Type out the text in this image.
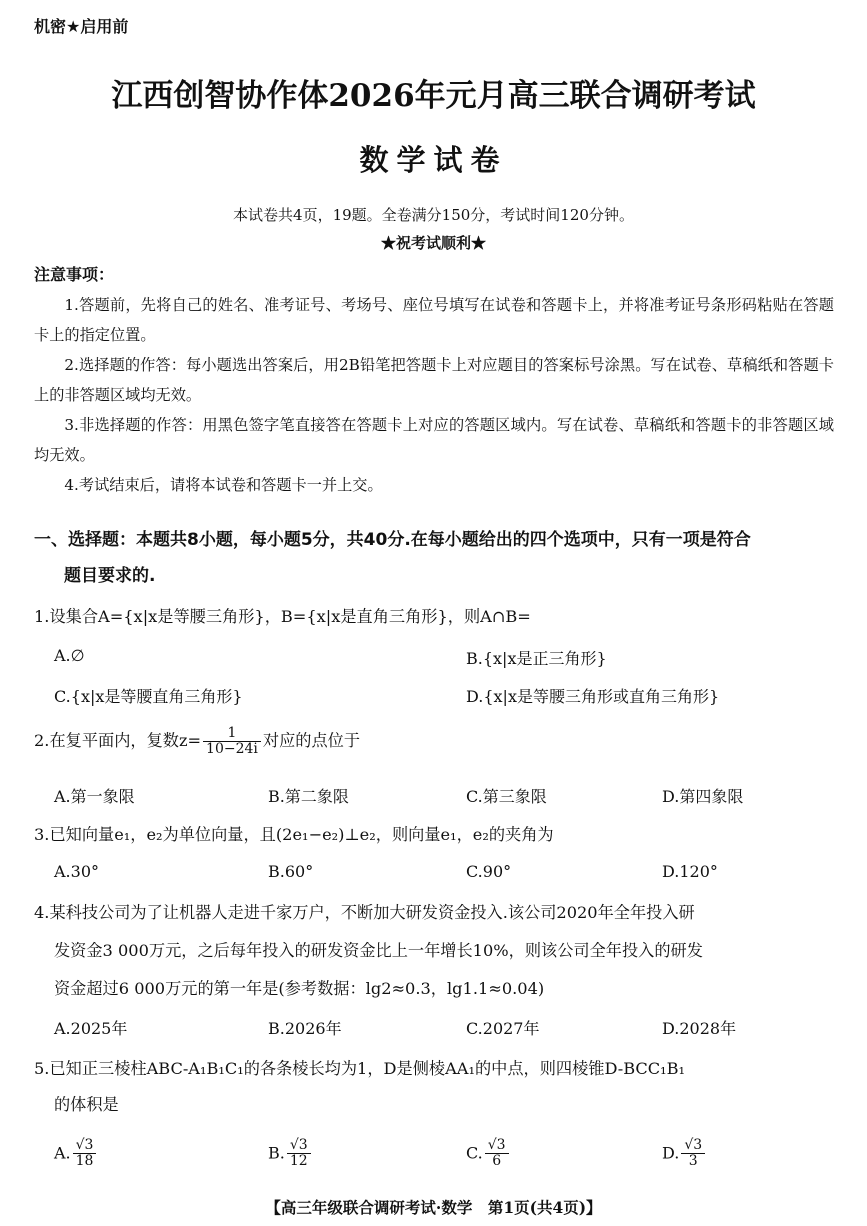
机密★启用前
江西创智协作体2026年元月高三联合调研考试
数学试卷
本试卷共4页，19题。全卷满分150分，考试时间120分钟。
★祝考试顺利★
注意事项：

1.答题前，先将自己的姓名、准考证号、考场号、座位号填写在试卷和答题卡上，并将准考证号条形码粘贴在答题卡上的指定位置。

2.选择题的作答：每小题选出答案后，用2B铅笔把答题卡上对应题目的答案标号涂黑。写在试卷、草稿纸和答题卡上的非答题区域均无效。

3.非选择题的作答：用黑色签字笔直接答在答题卡上对应的答题区域内。写在试卷、草稿纸和答题卡的非答题区域均无效。

4.考试结束后，请将本试卷和答题卡一并上交。

一、选择题：本题共8小题，每小题5分，共40分.在每小题给出的四个选项中，只有一项是符合
题目要求的.
1.设集合A={x|x是等腰三角形}，B={x|x是直角三角形}，则A∩B=
A.∅	B.{x|x是正三角形}
C.{x|x是等腰直角三角形}	D.{x|x是等腰三角形或直角三角形}
2.在复平面内，复数$z= \frac{1}{10-24i}$ 对应的点位于
A.第一象限	B.第二象限	C.第三象限	D.第四象限
3.已知向量e₁，e₂为单位向量，且(2e₁−e₂)⊥e₂，则向量e₁，e₂的夹角为
A.30°	B.60°	C.90°	D.120°
4.某科技公司为了让机器人走进千家万户，不断加大研发资金投入.该公司2020年全年投入研
发资金3 000万元，之后每年投入的研发资金比上一年增长10%，则该公司全年投入的研发
资金超过6 000万元的第一年是(参考数据：lg2≈0.3，lg1.1≈0.04)
A.2025年	B.2026年	C.2027年	D.2028年
5.已知正三棱柱ABC-A₁B₁C₁的各条棱长均为1，D是侧棱AA₁的中点，则四棱锥D-BCC₁B₁
的体积是
A. $\frac{√3}{18}$	B. $\frac{√3}{12}$	C. $\frac{√3}{6}$	D. $\frac{√3}{3}$
【高三年级联合调研考试·数学　第1页(共4页)】
